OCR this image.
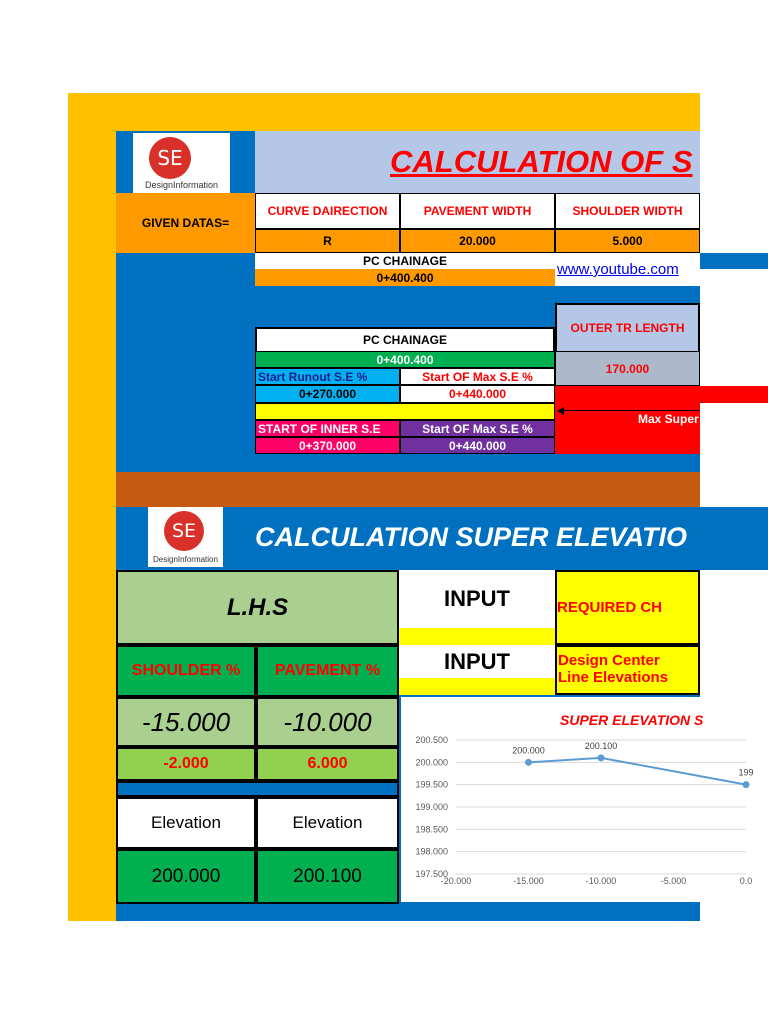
SE
DesignInformation
CALCULATION OF S
GIVEN DATAS=
CURVE DAIRECTION	PAVEMENT WIDTH	SHOULDER WIDTH
R	20.000	5.000
PC CHAINAGE
0+400.400	www.youtube.com
PC CHAINAGE
0+400.400
Start Runout S.E %	Start OF Max S.E %
0+270.000	0+440.000
START OF INNER S.E	Start OF Max S.E %
0+370.000	0+440.000
OUTER TR LENGTH
170.000
Max Super
SE
DesignInformation
CALCULATION SUPER ELEVATIO
L.H.S
SHOULDER %	PAVEMENT %
-15.000	-10.000
-2.000	6.000
Elevation	Elevation
200.000	200.100
INPUT
INPUT
REQUIRED CH
Design Center
Line Elevations
SUPER ELEVATION S
197.500
198.000
198.500
199.000
199.500
200.000
200.500
-20.000	-15.000	-10.000	-5.000	0.0
200.000	200.100
199
